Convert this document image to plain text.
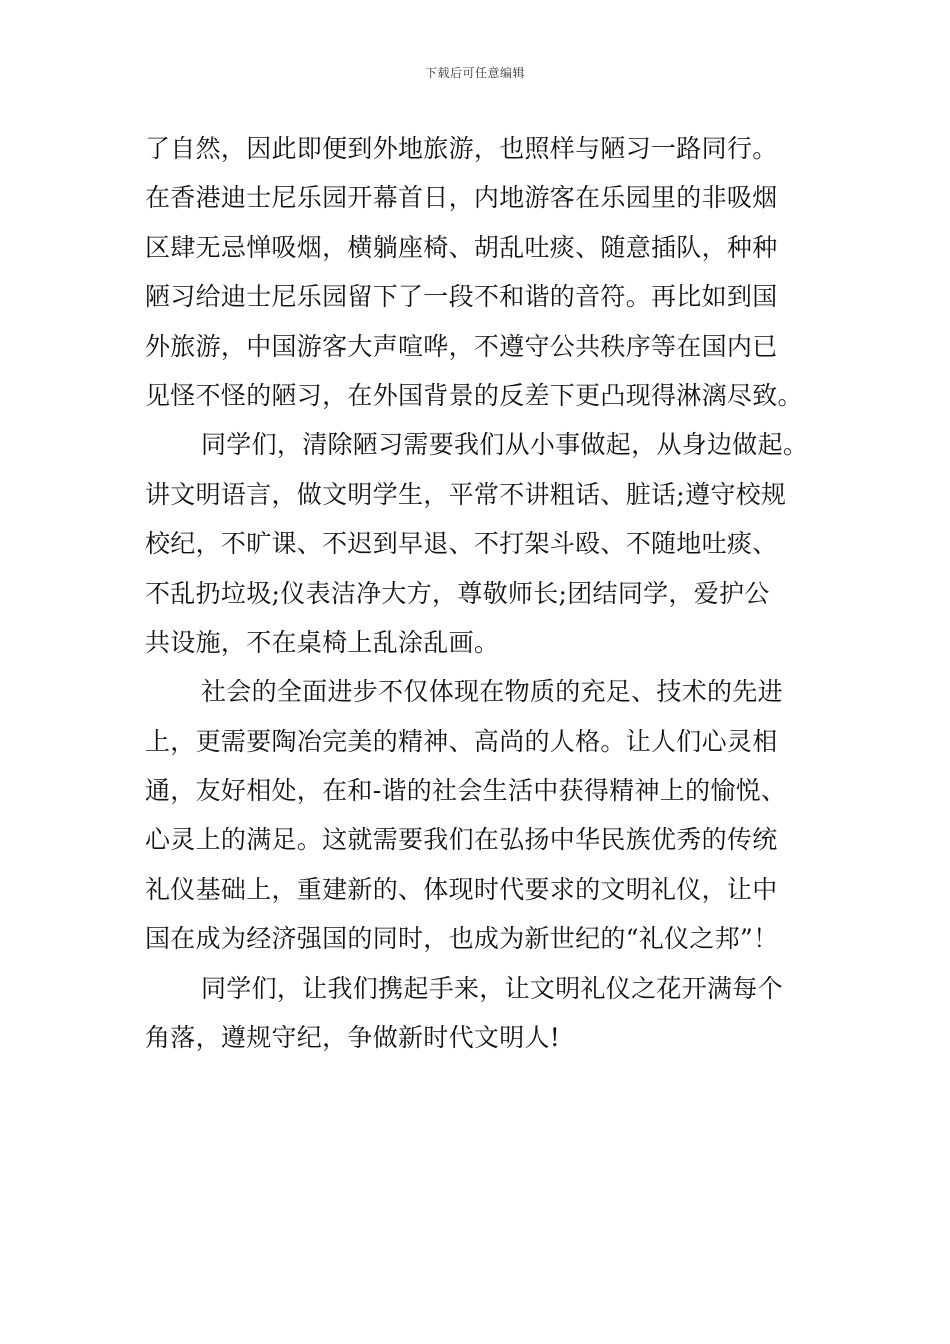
下载后可任意编辑
了自然，因此即便到外地旅游，也照样与陋习一路同行。
在香港迪士尼乐园开幕首日，内地游客在乐园里的非吸烟
区肆无忌惮吸烟，横躺座椅、胡乱吐痰、随意插队，种种
陋习给迪士尼乐园留下了一段不和谐的音符。再比如到国
外旅游，中国游客大声喧哗，不遵守公共秩序等在国内已
见怪不怪的陋习，在外国背景的反差下更凸现得淋漓尽致。
同学们，清除陋习需要我们从小事做起，从身边做起。
讲文明语言，做文明学生，平常不讲粗话、脏话;遵守校规
校纪，不旷课、不迟到早退、不打架斗殴、不随地吐痰、
不乱扔垃圾;仪表洁净大方，尊敬师长;团结同学，爱护公
共设施，不在桌椅上乱涂乱画。
社会的全面进步不仅体现在物质的充足、技术的先进
上，更需要陶冶完美的精神、高尚的人格。让人们心灵相
通，友好相处，在和-谐的社会生活中获得精神上的愉悦、
心灵上的满足。这就需要我们在弘扬中华民族优秀的传统
礼仪基础上，重建新的、体现时代要求的文明礼仪，让中
国在成为经济强国的同时，也成为新世纪的“礼仪之邦”！
同学们，让我们携起手来，让文明礼仪之花开满每个
角落，遵规守纪，争做新时代文明人!
